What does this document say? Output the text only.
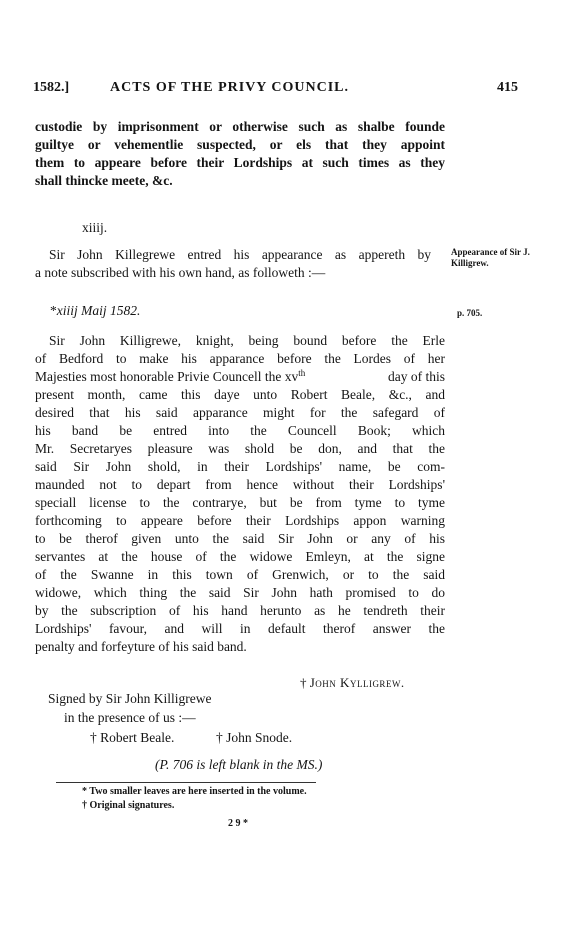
1582.]	ACTS OF THE PRIVY COUNCIL.	415
custodie by imprisonment or otherwise such as shalbe founde
guiltye or vehementlie suspected, or els that they appoint
them to appeare before their Lordships at such times as they
shall thincke meete, &c.
xiiij.
Sir John Killegrewe entred his appearance as appereth by
a note subscribed with his own hand, as followeth :—
Appearance of Sir J. Killigrew.
*xiiij Maij 1582.	p. 705.
Sir John Killigrewe, knight, being bound before the Erle
of Bedford to make his apparance before the Lordes of her
Majesties most honorable Privie Councell the $xv^{th}$	day of this
present month, came this daye unto Robert Beale, &c., and
desired that his said apparance might for the safegard of
his band be entred into the Councell Book; which
Mr. Secretaryes pleasure was shold be don, and that the
said Sir John shold, in their Lordships' name, be com-
maunded not to depart from hence without their Lordships'
speciall license to the contrarye, but be from tyme to tyme
forthcoming to appeare before their Lordships appon warning
to be therof given unto the said Sir John or any of his
servantes at the house of the widowe Emleyn, at the signe
of the Swanne in this town of Grenwich, or to the said
widowe, which thing the said Sir John hath promised to do
by the subscription of his hand herunto as he tendreth their
Lordships' favour, and will in default therof answer the
penalty and forfeyture of his said band.
† John Kylligrew.
Signed by Sir John Killigrewe
in the presence of us :—
† Robert Beale.	† John Snode.
(P. 706 is left blank in the MS.)
* Two smaller leaves are here inserted in the volume.
† Original signatures.
2 9 *
